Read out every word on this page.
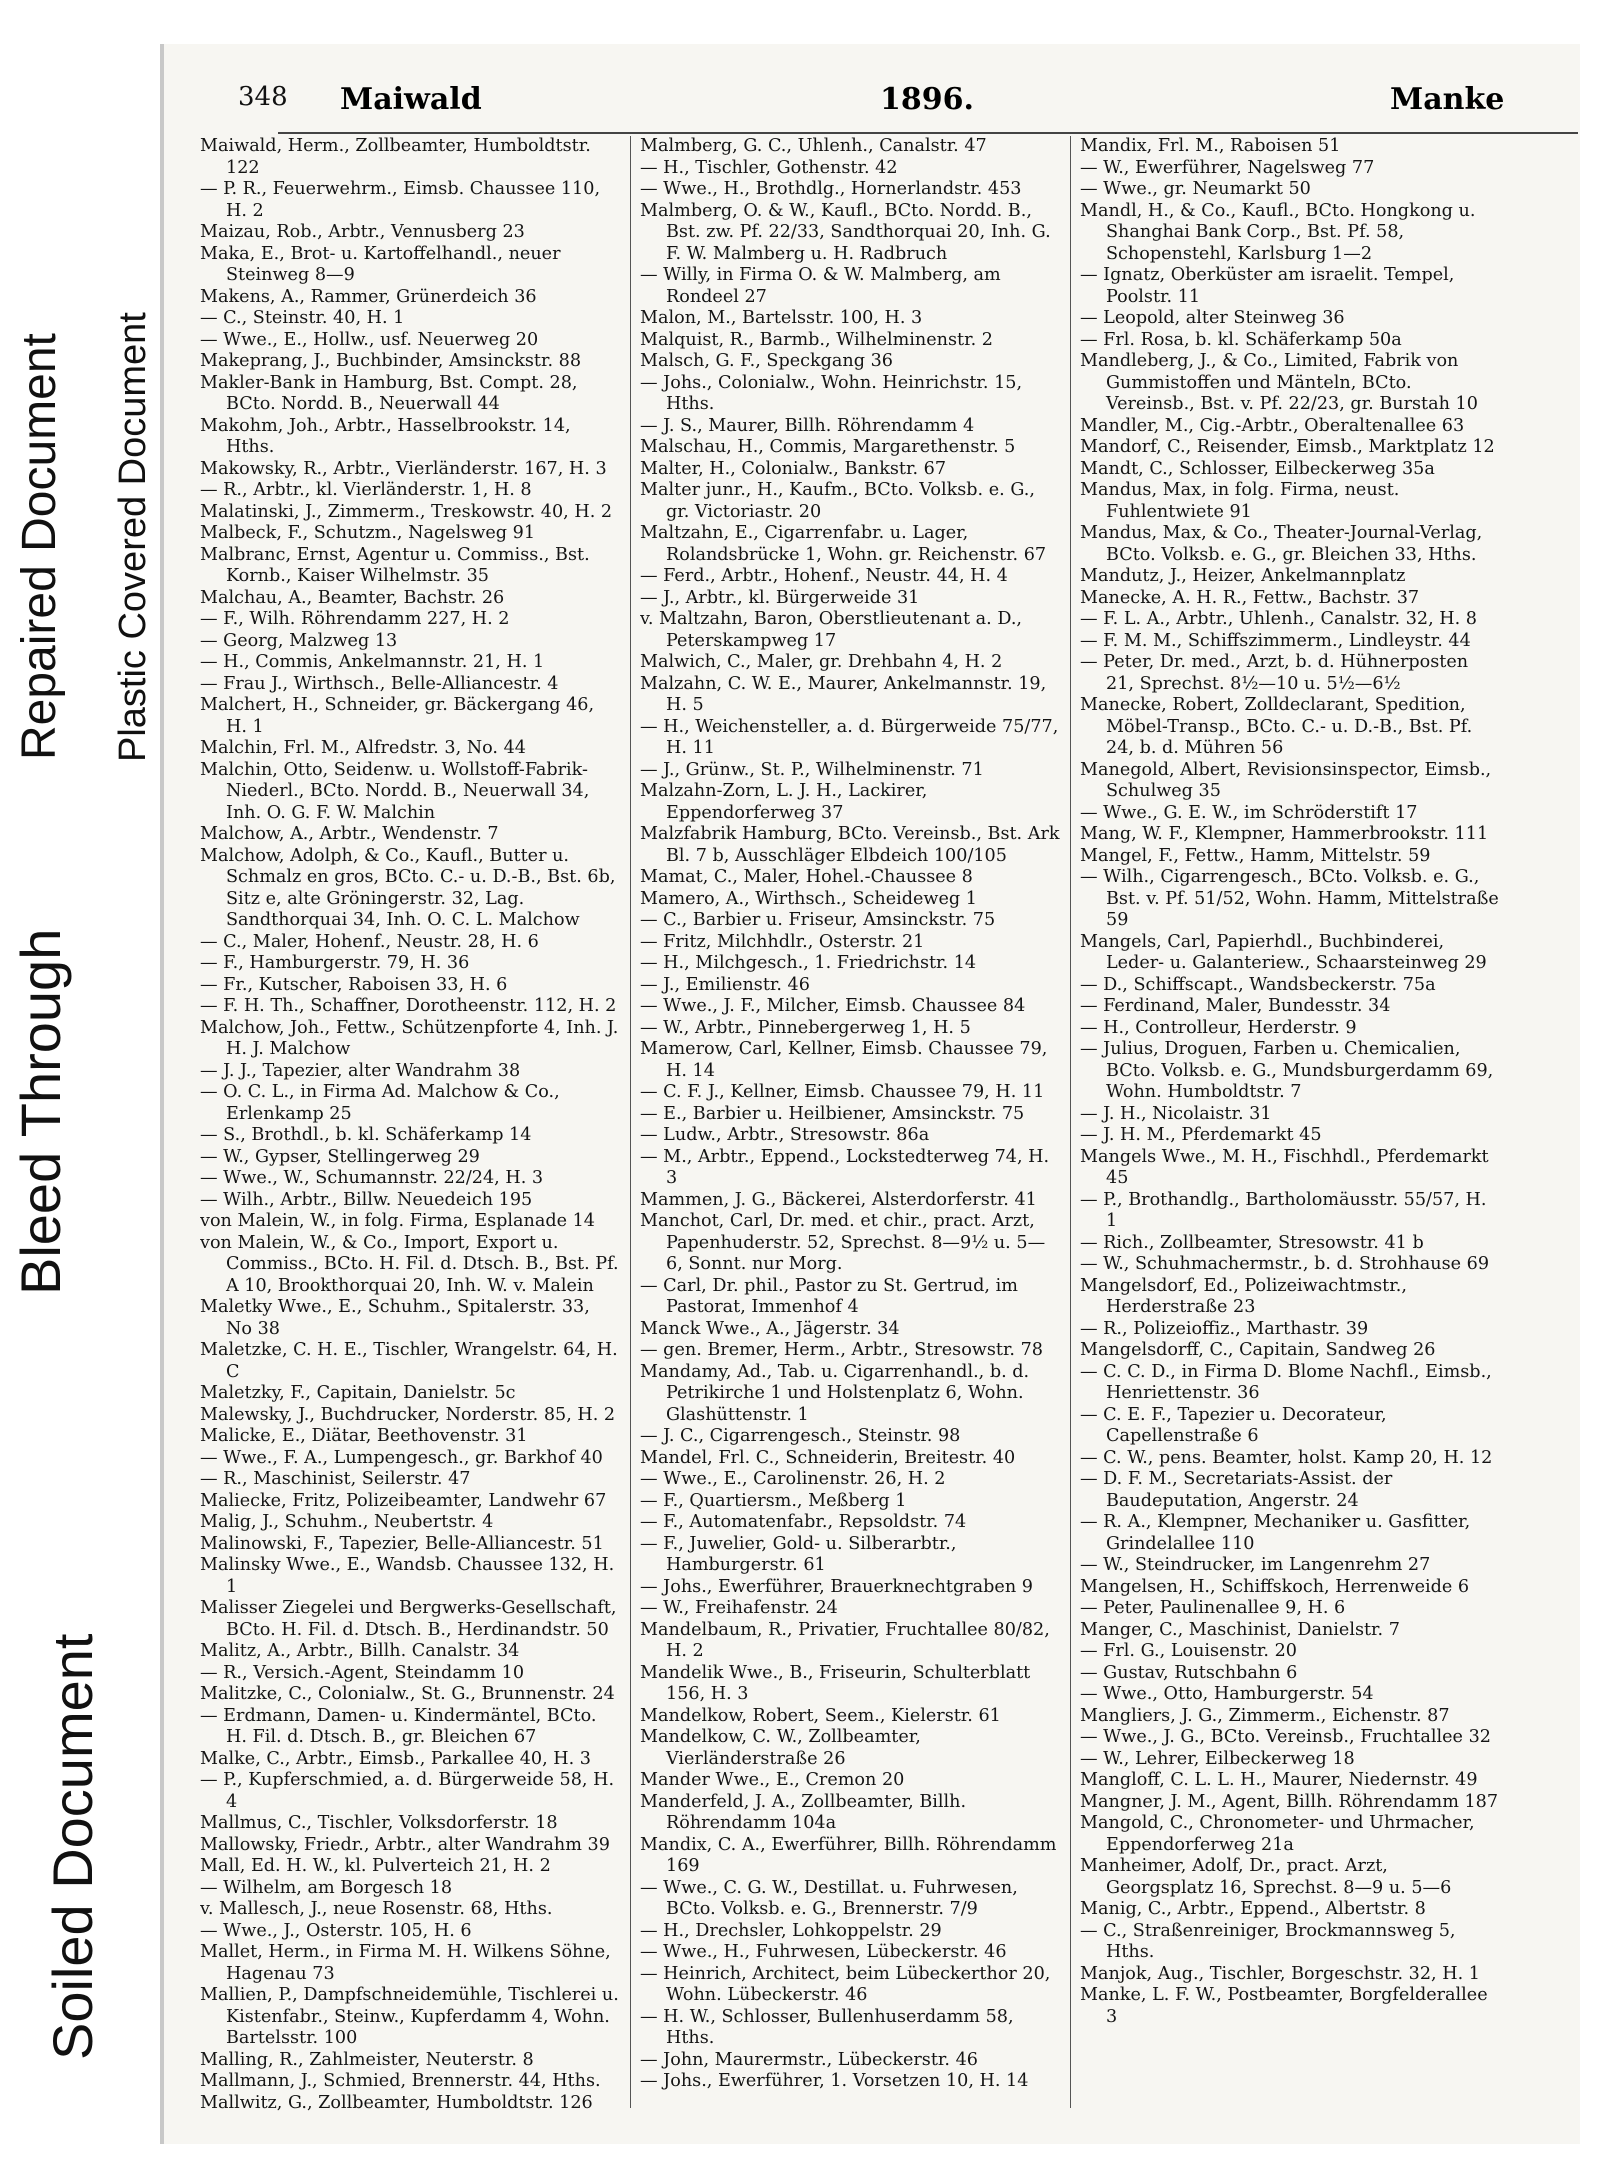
Soiled Document
Bleed Through
Repaired Document Plastic Covered Document
348 Maiwald	1896.	Manke

Maiwald, Herm., Zollbeamter, Humboldtstr. 122

— P. R., Feuerwehrm., Eimsb. Chaussee 110, H. 2

Maizau, Rob., Arbtr., Vennusberg 23

Maka, E., Brot- u. Kartoffelhandl., neuer Steinweg 8—9

Makens, A., Rammer, Grünerdeich 36

— C., Steinstr. 40, H. 1

— Wwe., E., Hollw., usf. Neuerweg 20

Makeprang, J., Buchbinder, Amsinckstr. 88

Makler-Bank in Hamburg, Bst. Compt. 28, BCto. Nordd. B., Neuerwall 44

Makohm, Joh., Arbtr., Hasselbrookstr. 14, Hths.

Makowsky, R., Arbtr., Vierländerstr. 167, H. 3

— R., Arbtr., kl. Vierländerstr. 1, H. 8

Malatinski, J., Zimmerm., Treskowstr. 40, H. 2

Malbeck, F., Schutzm., Nagelsweg 91

Malbranc, Ernst, Agentur u. Commiss., Bst. Kornb., Kaiser Wilhelmstr. 35

Malchau, A., Beamter, Bachstr. 26

— F., Wilh. Röhrendamm 227, H. 2

— Georg, Malzweg 13

— H., Commis, Ankelmannstr. 21, H. 1

— Frau J., Wirthsch., Belle-Alliancestr. 4

Malchert, H., Schneider, gr. Bäckergang 46, H. 1

Malchin, Frl. M., Alfredstr. 3, No. 44

Malchin, Otto, Seidenw. u. Wollstoff-Fabrik-Niederl., BCto. Nordd. B., Neuerwall 34, Inh. O. G. F. W. Malchin

Malchow, A., Arbtr., Wendenstr. 7

Malchow, Adolph, & Co., Kaufl., Butter u. Schmalz en gros, BCto. C.- u. D.-B., Bst. 6b, Sitz e, alte Gröningerstr. 32, Lag. Sandthorquai 34, Inh. O. C. L. Malchow

— C., Maler, Hohenf., Neustr. 28, H. 6

— F., Hamburgerstr. 79, H. 36

— Fr., Kutscher, Raboisen 33, H. 6

— F. H. Th., Schaffner, Dorotheenstr. 112, H. 2

Malchow, Joh., Fettw., Schützenpforte 4, Inh. J. H. J. Malchow

— J. J., Tapezier, alter Wandrahm 38

— O. C. L., in Firma Ad. Malchow & Co., Erlenkamp 25

— S., Brothdl., b. kl. Schäferkamp 14

— W., Gypser, Stellingerweg 29

— Wwe., W., Schumannstr. 22/24, H. 3

— Wilh., Arbtr., Billw. Neuedeich 195

von Malein, W., in folg. Firma, Esplanade 14

von Malein, W., & Co., Import, Export u. Commiss., BCto. H. Fil. d. Dtsch. B., Bst. Pf. A 10, Brookthorquai 20, Inh. W. v. Malein

Maletky Wwe., E., Schuhm., Spitalerstr. 33, No 38

Maletzke, C. H. E., Tischler, Wrangelstr. 64, H. C

Maletzky, F., Capitain, Danielstr. 5c

Malewsky, J., Buchdrucker, Norderstr. 85, H. 2

Malicke, E., Diätar, Beethovenstr. 31

— Wwe., F. A., Lumpengesch., gr. Barkhof 40

— R., Maschinist, Seilerstr. 47

Maliecke, Fritz, Polizeibeamter, Landwehr 67

Malig, J., Schuhm., Neubertstr. 4

Malinowski, F., Tapezier, Belle-Alliancestr. 51

Malinsky Wwe., E., Wandsb. Chaussee 132, H. 1

Malisser Ziegelei und Bergwerks-Gesellschaft, BCto. H. Fil. d. Dtsch. B., Herdinandstr. 50

Malitz, A., Arbtr., Billh. Canalstr. 34

— R., Versich.-Agent, Steindamm 10

Malitzke, C., Colonialw., St. G., Brunnenstr. 24

— Erdmann, Damen- u. Kindermäntel, BCto. H. Fil. d. Dtsch. B., gr. Bleichen 67

Malke, C., Arbtr., Eimsb., Parkallee 40, H. 3

— P., Kupferschmied, a. d. Bürgerweide 58, H. 4

Mallmus, C., Tischler, Volksdorferstr. 18

Mallowsky, Friedr., Arbtr., alter Wandrahm 39

Mall, Ed. H. W., kl. Pulverteich 21, H. 2

— Wilhelm, am Borgesch 18

v. Mallesch, J., neue Rosenstr. 68, Hths.

— Wwe., J., Osterstr. 105, H. 6

Mallet, Herm., in Firma M. H. Wilkens Söhne, Hagenau 73

Mallien, P., Dampfschneidemühle, Tischlerei u. Kistenfabr., Steinw., Kupferdamm 4, Wohn. Bartelsstr. 100

Malling, R., Zahlmeister, Neuterstr. 8

Mallmann, J., Schmied, Brennerstr. 44, Hths.

Mallwitz, G., Zollbeamter, Humboldtstr. 126

Malmberg, G. C., Uhlenh., Canalstr. 47

— H., Tischler, Gothenstr. 42

— Wwe., H., Brothdlg., Hornerlandstr. 453

Malmberg, O. & W., Kaufl., BCto. Nordd. B., Bst. zw. Pf. 22/33, Sandthorquai 20, Inh. G. F. W. Malmberg u. H. Radbruch

— Willy, in Firma O. & W. Malmberg, am Rondeel 27

Malon, M., Bartelsstr. 100, H. 3

Malquist, R., Barmb., Wilhelminenstr. 2

Malsch, G. F., Speckgang 36

— Johs., Colonialw., Wohn. Heinrichstr. 15, Hths.

— J. S., Maurer, Billh. Röhrendamm 4

Malschau, H., Commis, Margarethenstr. 5

Malter, H., Colonialw., Bankstr. 67

Malter junr., H., Kaufm., BCto. Volksb. e. G., gr. Victoriastr. 20

Maltzahn, E., Cigarrenfabr. u. Lager, Rolandsbrücke 1, Wohn. gr. Reichenstr. 67

— Ferd., Arbtr., Hohenf., Neustr. 44, H. 4

— J., Arbtr., kl. Bürgerweide 31

v. Maltzahn, Baron, Oberstlieutenant a. D., Peterskampweg 17

Malwich, C., Maler, gr. Drehbahn 4, H. 2

Malzahn, C. W. E., Maurer, Ankelmannstr. 19, H. 5

— H., Weichensteller, a. d. Bürgerweide 75/77, H. 11

— J., Grünw., St. P., Wilhelminenstr. 71

Malzahn-Zorn, L. J. H., Lackirer, Eppendorferweg 37

Malzfabrik Hamburg, BCto. Vereinsb., Bst. Ark Bl. 7 b, Ausschläger Elbdeich 100/105

Mamat, C., Maler, Hohel.-Chaussee 8

Mamero, A., Wirthsch., Scheideweg 1

— C., Barbier u. Friseur, Amsinckstr. 75

— Fritz, Milchhdlr., Osterstr. 21

— H., Milchgesch., 1. Friedrichstr. 14

— J., Emilienstr. 46

— Wwe., J. F., Milcher, Eimsb. Chaussee 84

— W., Arbtr., Pinnebergerweg 1, H. 5

Mamerow, Carl, Kellner, Eimsb. Chaussee 79, H. 14

— C. F. J., Kellner, Eimsb. Chaussee 79, H. 11

— E., Barbier u. Heilbiener, Amsinckstr. 75

— Ludw., Arbtr., Stresowstr. 86a

— M., Arbtr., Eppend., Lockstedterweg 74, H. 3

Mammen, J. G., Bäckerei, Alsterdorferstr. 41

Manchot, Carl, Dr. med. et chir., pract. Arzt, Papenhuderstr. 52, Sprechst. 8—9½ u. 5—6, Sonnt. nur Morg.

— Carl, Dr. phil., Pastor zu St. Gertrud, im Pastorat, Immenhof 4

Manck Wwe., A., Jägerstr. 34

— gen. Bremer, Herm., Arbtr., Stresowstr. 78

Mandamy, Ad., Tab. u. Cigarrenhandl., b. d. Petrikirche 1 und Holstenplatz 6, Wohn. Glashüttenstr. 1

— J. C., Cigarrengesch., Steinstr. 98

Mandel, Frl. C., Schneiderin, Breitestr. 40

— Wwe., E., Carolinenstr. 26, H. 2

— F., Quartiersm., Meßberg 1

— F., Automatenfabr., Repsoldstr. 74

— F., Juwelier, Gold- u. Silberarbtr., Hamburgerstr. 61

— Johs., Ewerführer, Brauerknechtgraben 9

— W., Freihafenstr. 24

Mandelbaum, R., Privatier, Fruchtallee 80/82, H. 2

Mandelik Wwe., B., Friseurin, Schulterblatt 156, H. 3

Mandelkow, Robert, Seem., Kielerstr. 61

Mandelkow, C. W., Zollbeamter, Vierländerstraße 26

Mander Wwe., E., Cremon 20

Manderfeld, J. A., Zollbeamter, Billh. Röhrendamm 104a

Mandix, C. A., Ewerführer, Billh. Röhrendamm 169

— Wwe., C. G. W., Destillat. u. Fuhrwesen, BCto. Volksb. e. G., Brennerstr. 7/9

— H., Drechsler, Lohkoppelstr. 29

— Wwe., H., Fuhrwesen, Lübeckerstr. 46

— Heinrich, Architect, beim Lübeckerthor 20, Wohn. Lübeckerstr. 46

— H. W., Schlosser, Bullenhuserdamm 58, Hths.

— John, Maurermstr., Lübeckerstr. 46

— Johs., Ewerführer, 1. Vorsetzen 10, H. 14

Mandix, Frl. M., Raboisen 51

— W., Ewerführer, Nagelsweg 77

— Wwe., gr. Neumarkt 50

Mandl, H., & Co., Kaufl., BCto. Hongkong u. Shanghai Bank Corp., Bst. Pf. 58, Schopenstehl, Karlsburg 1—2

— Ignatz, Oberküster am israelit. Tempel, Poolstr. 11

— Leopold, alter Steinweg 36

— Frl. Rosa, b. kl. Schäferkamp 50a

Mandleberg, J., & Co., Limited, Fabrik von Gummistoffen und Mänteln, BCto. Vereinsb., Bst. v. Pf. 22/23, gr. Burstah 10

Mandler, M., Cig.-Arbtr., Oberaltenallee 63

Mandorf, C., Reisender, Eimsb., Marktplatz 12

Mandt, C., Schlosser, Eilbeckerweg 35a

Mandus, Max, in folg. Firma, neust. Fuhlentwiete 91

Mandus, Max, & Co., Theater-Journal-Verlag, BCto. Volksb. e. G., gr. Bleichen 33, Hths.

Mandutz, J., Heizer, Ankelmannplatz

Manecke, A. H. R., Fettw., Bachstr. 37

— F. L. A., Arbtr., Uhlenh., Canalstr. 32, H. 8

— F. M. M., Schiffszimmerm., Lindleystr. 44

— Peter, Dr. med., Arzt, b. d. Hühnerposten 21, Sprechst. 8½—10 u. 5½—6½

Manecke, Robert, Zolldeclarant, Spedition, Möbel-Transp., BCto. C.- u. D.-B., Bst. Pf. 24, b. d. Mühren 56

Manegold, Albert, Revisionsinspector, Eimsb., Schulweg 35

— Wwe., G. E. W., im Schröderstift 17

Mang, W. F., Klempner, Hammerbrookstr. 111

Mangel, F., Fettw., Hamm, Mittelstr. 59

— Wilh., Cigarrengesch., BCto. Volksb. e. G., Bst. v. Pf. 51/52, Wohn. Hamm, Mittelstraße 59

Mangels, Carl, Papierhdl., Buchbinderei, Leder- u. Galanteriew., Schaarsteinweg 29

— D., Schiffscapt., Wandsbeckerstr. 75a

— Ferdinand, Maler, Bundesstr. 34

— H., Controlleur, Herderstr. 9

— Julius, Droguen, Farben u. Chemicalien, BCto. Volksb. e. G., Mundsburgerdamm 69, Wohn. Humboldtstr. 7

— J. H., Nicolaistr. 31

— J. H. M., Pferdemarkt 45

Mangels Wwe., M. H., Fischhdl., Pferdemarkt 45

— P., Brothandlg., Bartholomäusstr. 55/57, H. 1

— Rich., Zollbeamter, Stresowstr. 41 b

— W., Schuhmachermstr., b. d. Strohhause 69

Mangelsdorf, Ed., Polizeiwachtmstr., Herderstraße 23

— R., Polizeioffiz., Marthastr. 39

Mangelsdorff, C., Capitain, Sandweg 26

— C. C. D., in Firma D. Blome Nachfl., Eimsb., Henriettenstr. 36

— C. E. F., Tapezier u. Decorateur, Capellenstraße 6

— C. W., pens. Beamter, holst. Kamp 20, H. 12

— D. F. M., Secretariats-Assist. der Baudeputation, Angerstr. 24

— R. A., Klempner, Mechaniker u. Gasfitter, Grindelallee 110

— W., Steindrucker, im Langenrehm 27

Mangelsen, H., Schiffskoch, Herrenweide 6

— Peter, Paulinenallee 9, H. 6

Manger, C., Maschinist, Danielstr. 7

— Frl. G., Louisenstr. 20

— Gustav, Rutschbahn 6

— Wwe., Otto, Hamburgerstr. 54

Mangliers, J. G., Zimmerm., Eichenstr. 87

— Wwe., J. G., BCto. Vereinsb., Fruchtallee 32

— W., Lehrer, Eilbeckerweg 18

Mangloff, C. L. L. H., Maurer, Niedernstr. 49

Mangner, J. M., Agent, Billh. Röhrendamm 187

Mangold, C., Chronometer- und Uhrmacher, Eppendorferweg 21a

Manheimer, Adolf, Dr., pract. Arzt, Georgsplatz 16, Sprechst. 8—9 u. 5—6

Manig, C., Arbtr., Eppend., Albertstr. 8

— C., Straßenreiniger, Brockmannsweg 5, Hths.

Manjok, Aug., Tischler, Borgeschstr. 32, H. 1

Manke, L. F. W., Postbeamter, Borgfelderallee 3
